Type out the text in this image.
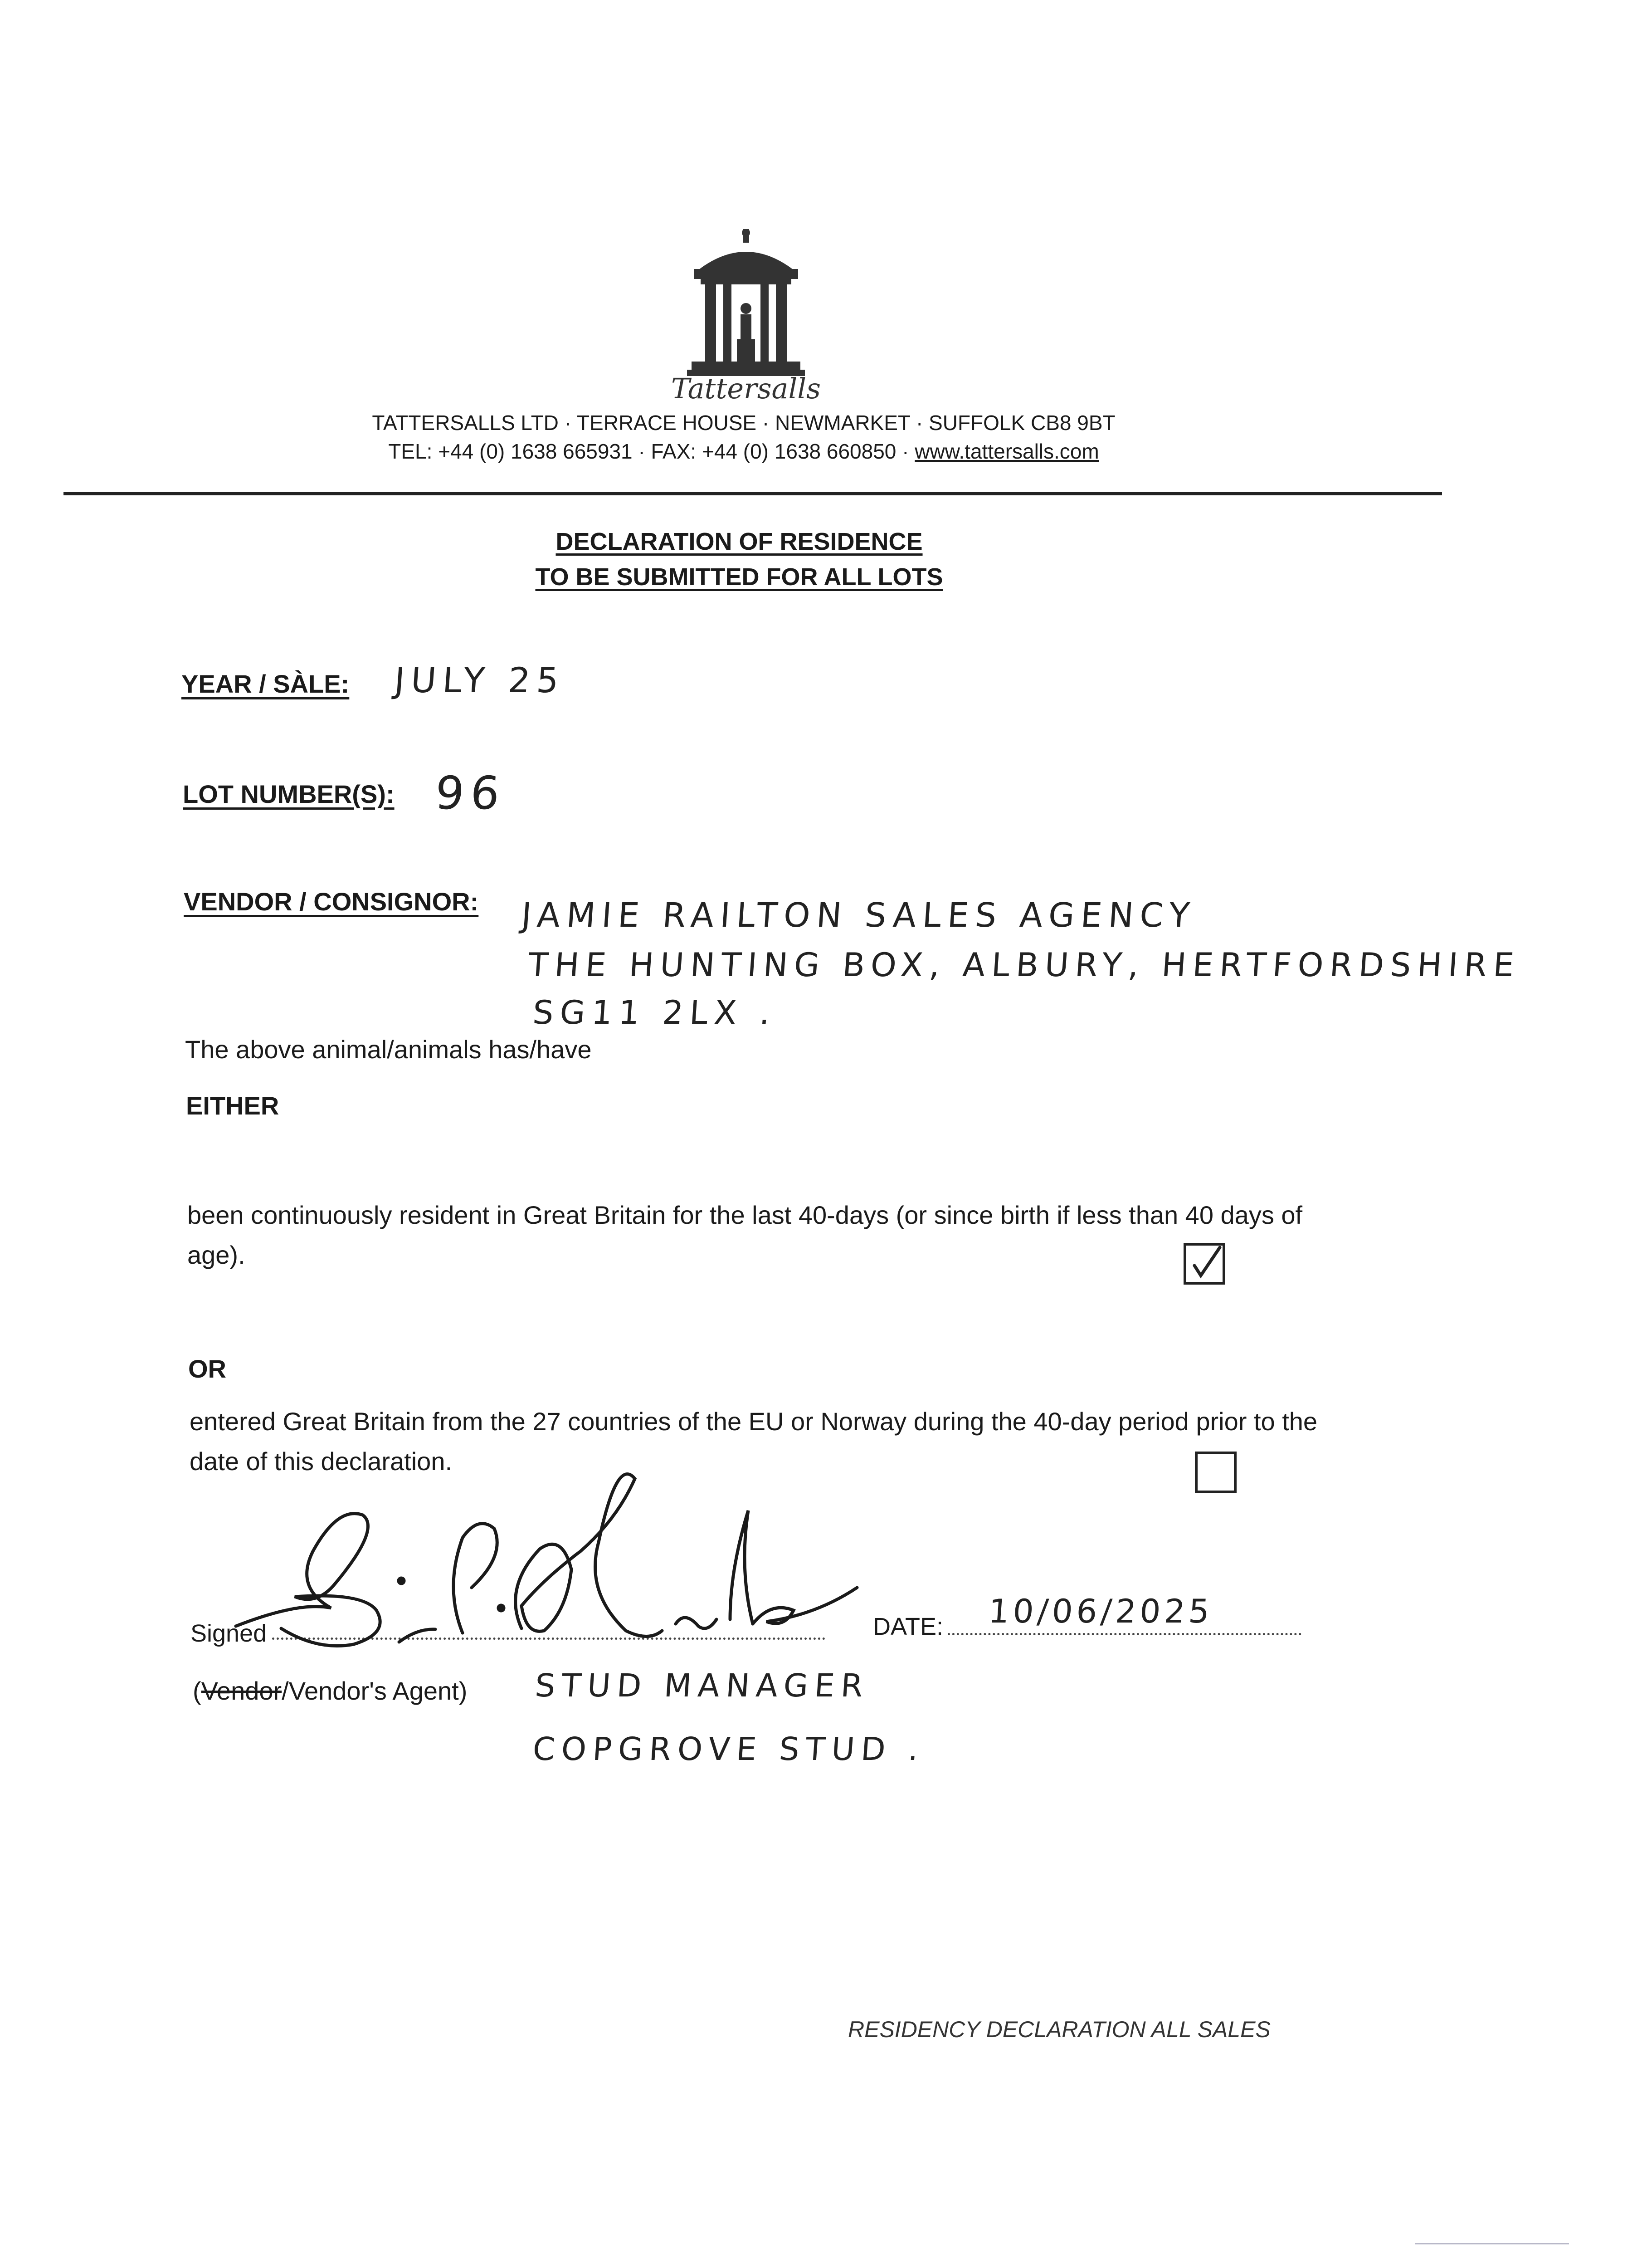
Tattersalls
TATTERSALLS LTD · TERRACE HOUSE · NEWMARKET · SUFFOLK CB8 9BT
TEL: +44 (0) 1638 665931 · FAX: +44 (0) 1638 660850 · www.tattersalls.com
DECLARATION OF RESIDENCE
TO BE SUBMITTED FOR ALL LOTS
YEAR / SÀLE: JULY 25
LOT NUMBER(S): 96
VENDOR / CONSIGNOR: JAMIE RAILTON SALES AGENCY
THE HUNTING BOX, ALBURY, HERTFORDSHIRE
SG11 2LX .
The above animal/animals has/have
EITHER
been continuously resident in Great Britain for the last 40-days (or since birth if less than 40 days of age).
OR
entered Great Britain from the 27 countries of the EU or Norway during the 40-day period prior to the date of this declaration.
Signed	DATE: 10/06/2025
(Vendor/Vendor's Agent) STUD MANAGER
COPGROVE STUD .
RESIDENCY DECLARATION ALL SALES
